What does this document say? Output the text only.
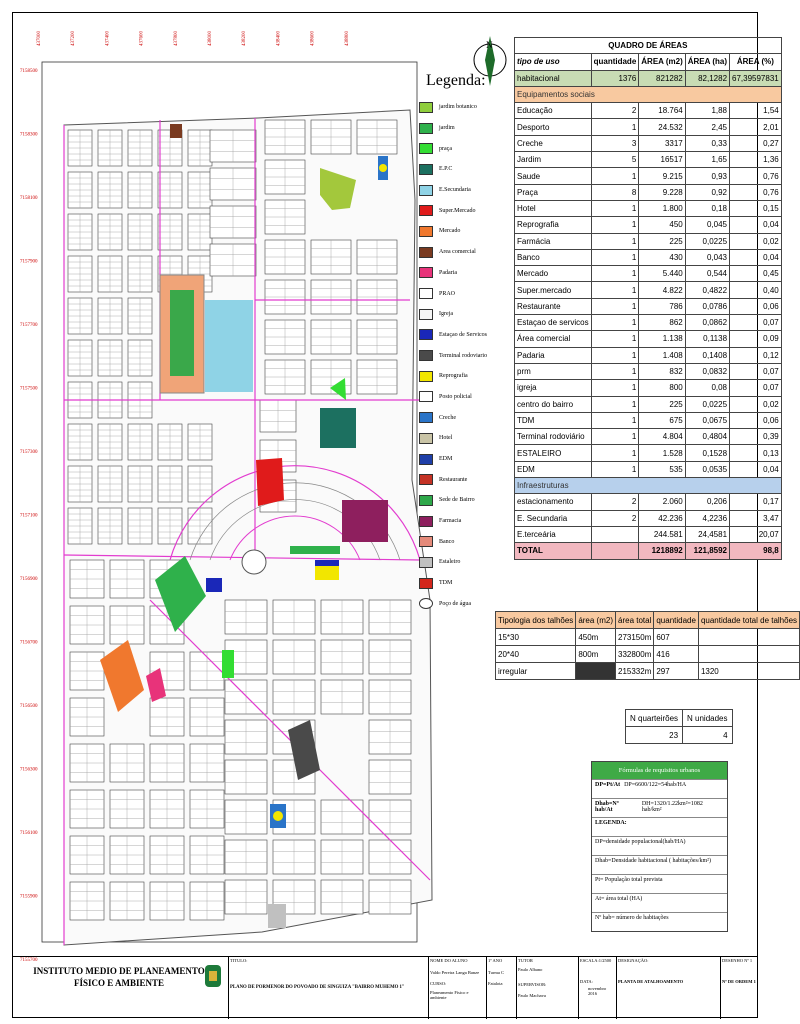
437000	437200	437400	437600	437800	438000	438200	438400	438600	438800
7158500
7158300
7158100
7157900
7157700
7157500
7157300
7157100
7156900
7156700
7156500
7156300
7156100
7155900
7155700
N
Legenda:
jardim botanico
jardim
praça
E.P.C
E.Secundaria
Super.Mercado
Mercado
Area comercial
Padaria
PRAO
Igreja
Estaçao de Servicos
Terminal rodoviario
Reprografia
Posto policial
Creche
Hotel
EDM
Restaurante
Sede de Bairro
Farmacia
Banco
Estaleiro
TDM
Poço de água
QUADRO DE ÁREAS				
tipo de uso	quantidade	ÁREA (m2)	ÁREA (ha)	ÁREA (%)
habitacional	1376	821282	82,1282	67,39597831
Equipamentos sociais				
Educação	2	18.764	1,88	1,54
Desporto	1	24.532	2,45	2,01
Creche	3	3317	0,33	0,27
Jardim	5	16517	1,65	1,36
Saude	1	9.215	0,93	0,76
Praça	8	9.228	0,92	0,76
Hotel	1	1.800	0,18	0,15
Reprografia	1	450	0,045	0,04
Farmácia	1	225	0,0225	0,02
Banco	1	430	0,043	0,04
Mercado	1	5.440	0,544	0,45
Super.mercado	1	4.822	0,4822	0,40
Restaurante	1	786	0,0786	0,06
Estaçao de servicos	1	862	0,0862	0,07
Área comercial	1	1.138	0,1138	0,09
Padaria	1	1.408	0,1408	0,12
prm	1	832	0,0832	0,07
igreja	1	800	0,08	0,07
centro do bairro	1	225	0,0225	0,02
TDM	1	675	0,0675	0,06
Terminal rodoviário	1	4.804	0,4804	0,39
ESTALEIRO	1	1.528	0,1528	0,13
EDM	1	535	0,0535	0,04
Infraestruturas				
estacionamento	2	2.060	0,206	0,17
E. Secundaria	2	42.236	4,2236	3,47
E.terceária		244.581	24,4581	20,07
TOTAL		1218892	121,8592	98,8
Tipologia dos talhões	área (m2)	área total	quantidade	quantidade total de talhões
15*30	450m	273150m	607	
20*40	800m	332800m	416	
irregular		215332m	297	1320
N quarteirões	N unidades
23	4
Fórmulas de requisitos urbanos
DP=Pt/At DP=6600/122=54hab/HA
Dhab=Nº hab/At
DH=1320/1.22km²=1082 hab/km²
LEGENDA:
DP=densidade populacional(hab/HA)
Dhab=Densidade habitacional ( habitações/km²)
Pt= População total prevista
At= área total (HA)
Nº hab= número de habitações
INSTITUTO MEDIO DE PLANEAMENTO FÍSICO E AMBIENTE
TITULO:
PLANO DE PORMENOR DO POVOADO DE SINGUIZA "BAIRRO MUHEMO 1"
NOME DO ALUNO
Valdo Pereira Langa Banze
CURSO:
Planeamento Físico e ambiente
1º ANO
Turma C
Fatalota
TUTOR
Paulo Albano
SUPERVISOR:
Paulo Machava
ESCALA:1/2500
DATA:
novembro 2016
DESIGNAÇÃO:
PLANTA DE ATALHOAMENTO
DESENHO Nº 1
Nº DE ORDEM 1
